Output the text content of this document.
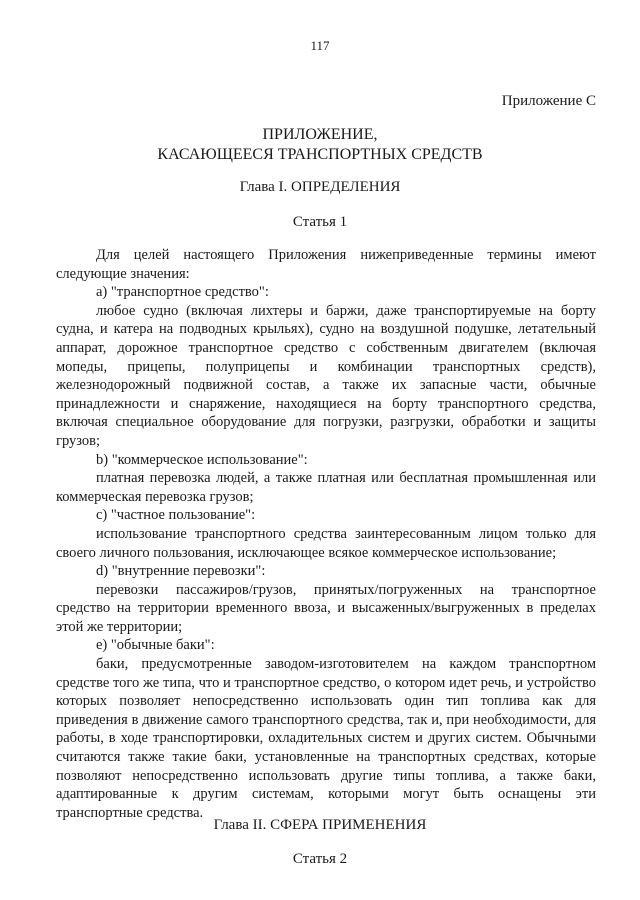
117
Приложение C
ПРИЛОЖЕНИЕ,
КАСАЮЩЕЕСЯ ТРАНСПОРТНЫХ СРЕДСТВ
Глава I. ОПРЕДЕЛЕНИЯ
Статья 1

Для целей настоящего Приложения нижеприведенные термины имеют следующие значения:

a) "транспортное средство":

любое судно (включая лихтеры и баржи, даже транспортируемые на борту судна, и катера на подводных крыльях), судно на воздушной подушке, летательный аппарат, дорожное транспортное средство с собственным двигателем (включая мопеды, прицепы, полуприцепы и комбинации транспортных средств), железнодорожный подвижной состав, а также их запасные части, обычные принадлежности и снаряжение, находящиеся на борту транспортного средства, включая специальное оборудование для погрузки, разгрузки, обработки и защиты грузов;

b) "коммерческое использование":

платная перевозка людей, а также платная или бесплатная промышленная или коммерческая перевозка грузов;

c) "частное пользование":

использование транспортного средства заинтересованным лицом только для своего личного пользования, исключающее всякое коммерческое использование;

d) "внутренние перевозки":

перевозки пассажиров/грузов, принятых/погруженных на транспортное средство на территории временного ввоза, и высаженных/выгруженных в пределах этой же территории;

e) "обычные баки":

баки, предусмотренные заводом-изготовителем на каждом транспортном средстве того же типа, что и транспортное средство, о котором идет речь, и устройство которых позволяет непосредственно использовать один тип топлива как для приведения в движение самого транспортного средства, так и, при необходимости, для работы, в ходе транспортировки, охладительных систем и других систем. Обычными считаются также такие баки, установленные на транспортных средствах, которые позволяют непосредственно использовать другие типы топлива, а также баки, адаптированные к другим системам, которыми могут быть оснащены эти транспортные средства.

Глава II. СФЕРА ПРИМЕНЕНИЯ
Статья 2
